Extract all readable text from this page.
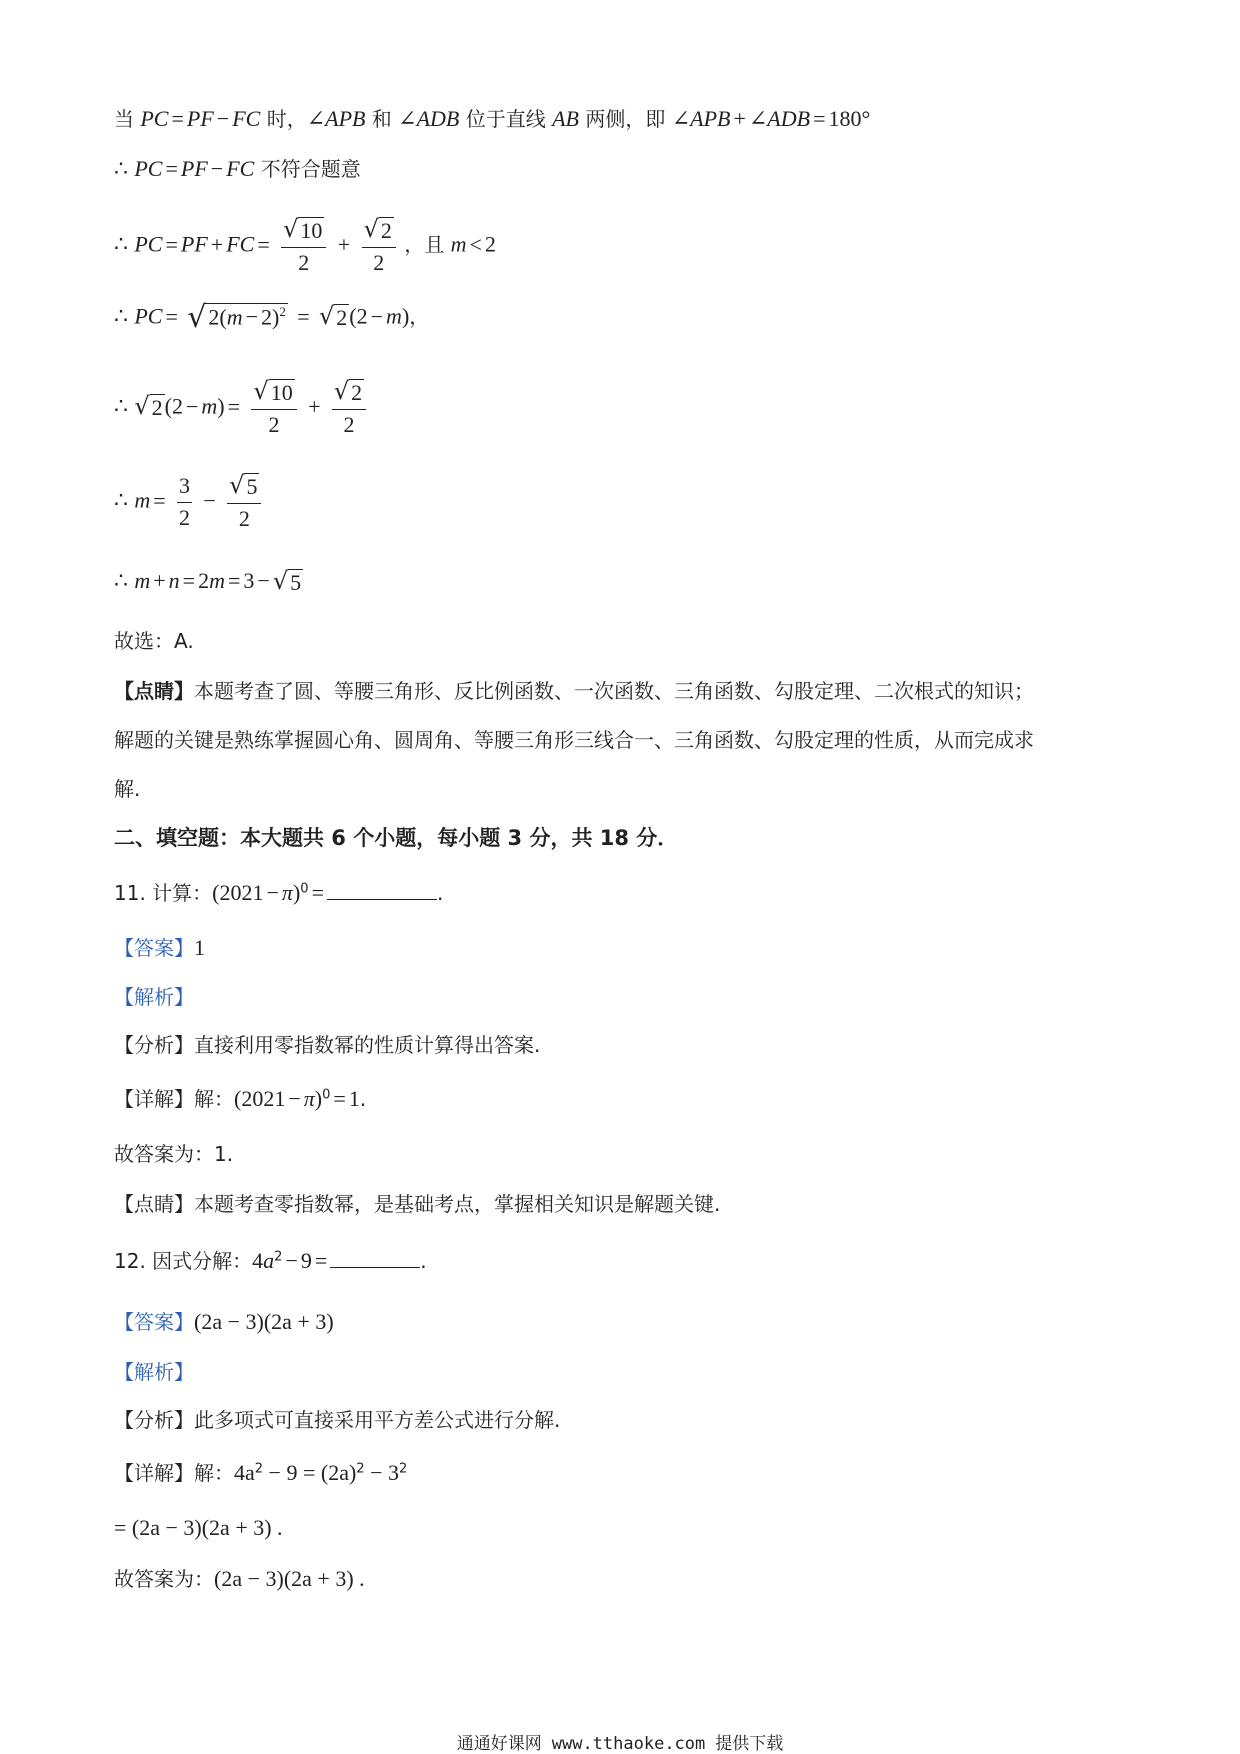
当 PC = PF − FC 时，∠APB 和 ∠ADB 位于直线 AB 两侧，即 ∠APB + ∠ADB = 180°
∴ PC = PF − FC 不符合题意
∴ PC = PF + FC = $\frac{√ 10}{2} + \frac{√ 2}{2}$ ，且 m < 2
∴ PC = √ $2(m - 2)^2$ = √ 2 (2 − m)，
∴ √ 2 $(2 - m) = \frac{√ 10}{2} + \frac{√ 2}{2}$
∴ $m = \frac{3}{2} - \frac{√ 5}{2}$
∴ m + n = 2m = 3 − √ 5
故选：A.
【点睛】本题考查了圆、等腰三角形、反比例函数、一次函数、三角函数、勾股定理、二次根式的知识；
解题的关键是熟练掌握圆心角、圆周角、等腰三角形三线合一、三角函数、勾股定理的性质，从而完成求
解.
二、填空题：本大题共 6 个小题，每小题 3 分，共 18 分．
11. 计算：$(2021 - \pi)^0$ =	.
【答案】1
【解析】
【分析】直接利用零指数幂的性质计算得出答案.
【详解】解：$(2021 - \pi)^0 = 1$.
故答案为：1.
【点睛】本题考查零指数幂，是基础考点，掌握相关知识是解题关键.
12. 因式分解：$4a^2 - 9$ =	.
【答案】(2a − 3)(2a + 3)
【解析】
【分析】此多项式可直接采用平方差公式进行分解.
【详解】解：$4a^2 - 9 = (2a)^2 - 3^2$
= (2a − 3)(2a + 3) .
故答案为：(2a − 3)(2a + 3) .
通通好课网 www.tthaoke.com 提供下载
